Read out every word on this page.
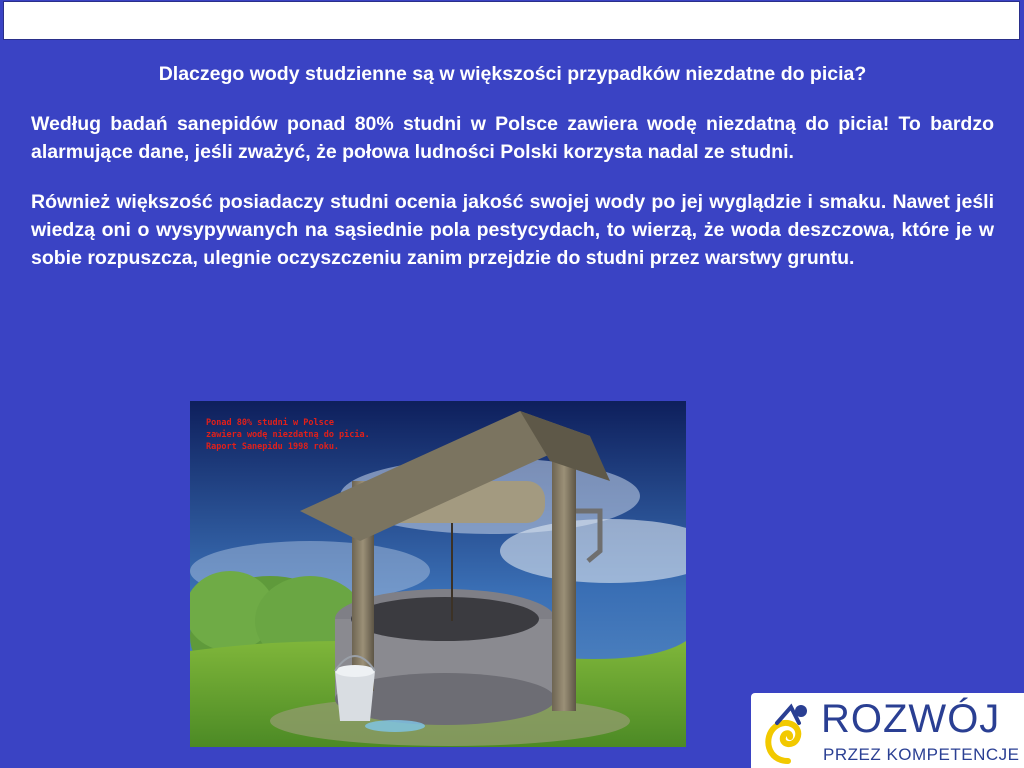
Dlaczego wody studzienne są w większości przypadków niezdatne do picia?

Według badań sanepidów ponad 80% studni w Polsce zawiera wodę niezdatną do picia! To bardzo alarmujące dane, jeśli zważyć, że połowa ludności Polski korzysta nadal ze studni.

Również większość posiadaczy studni ocenia jakość swojej wody po jej wyglądzie i smaku. Nawet jeśli wiedzą oni o wysypywanych na sąsiednie pola pestycydach, to wierzą, że woda deszczowa, które je w sobie rozpuszcza, ulegnie oczyszczeniu zanim przejdzie do studni przez warstwy gruntu.

Ponad 80% studni w Polsce
zawiera wodę niezdatną do picia.
Raport Sanepidu 1998 roku.
ROZWÓJ
PRZEZ KOMPETENCJE
